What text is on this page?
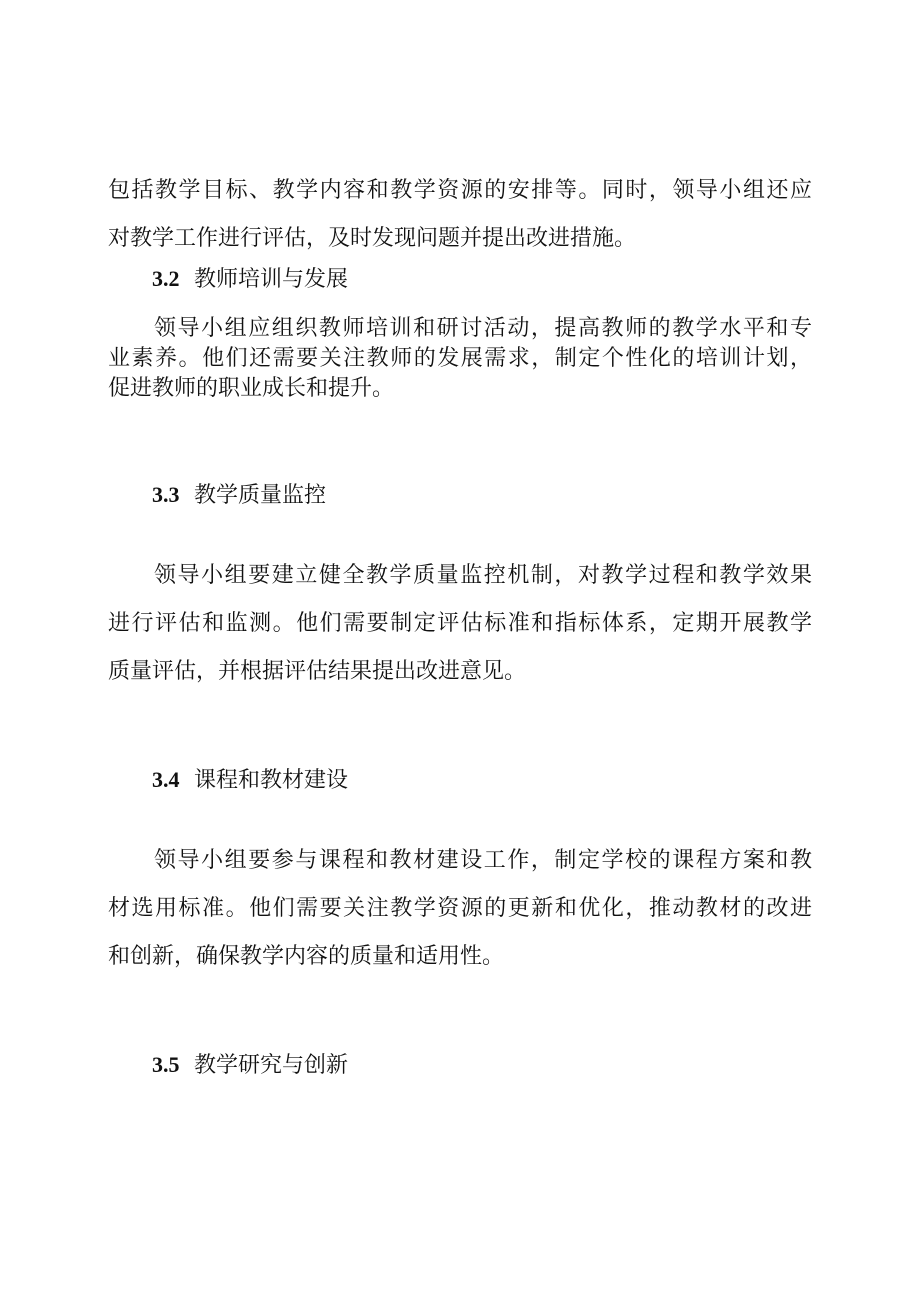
包括教学目标、教学内容和教学资源的安排等。同时，领导小组还应
对教学工作进行评估，及时发现问题并提出改进措施。
3.2 教师培训与发展
领导小组应组织教师培训和研讨活动，提高教师的教学水平和专
业素养。他们还需要关注教师的发展需求，制定个性化的培训计划，
促进教师的职业成长和提升。
3.3 教学质量监控
领导小组要建立健全教学质量监控机制，对教学过程和教学效果
进行评估和监测。他们需要制定评估标准和指标体系，定期开展教学
质量评估，并根据评估结果提出改进意见。
3.4 课程和教材建设
领导小组要参与课程和教材建设工作，制定学校的课程方案和教
材选用标准。他们需要关注教学资源的更新和优化，推动教材的改进
和创新，确保教学内容的质量和适用性。
3.5 教学研究与创新
